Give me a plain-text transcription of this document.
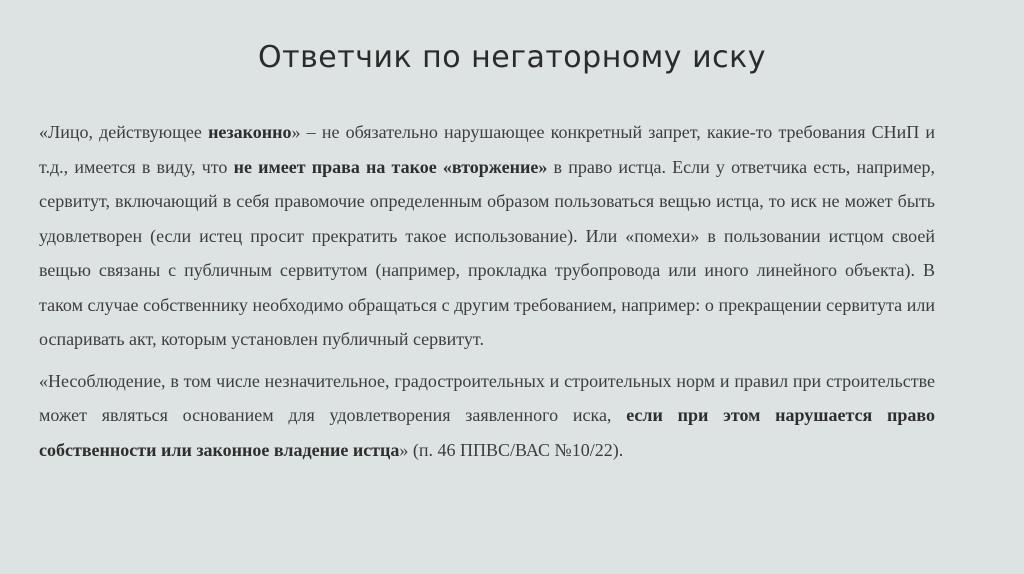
Ответчик по негаторному иску

«Лицо, действующее незаконно» – не обязательно нарушающее конкретный запрет, какие-то требования СНиП и т.д., имеется в виду, что не имеет права на такое «вторжение» в право истца. Если у ответчика есть, например, сервитут, включающий в себя правомочие определенным образом пользоваться вещью истца, то иск не может быть удовлетворен (если истец просит прекратить такое использование). Или «помехи» в пользовании истцом своей вещью связаны с публичным сервитутом (например, прокладка трубопровода или иного линейного объекта). В таком случае собственнику необходимо обращаться с другим требованием, например: о прекращении сервитута или оспаривать акт, которым установлен публичный сервитут.

«Несоблюдение, в том числе незначительное, градостроительных и строительных норм и правил при строительстве может являться основанием для удовлетворения заявленного иска, если при этом нарушается право собственности или законное владение истца» (п. 46 ППВС/ВАС №10/22).
